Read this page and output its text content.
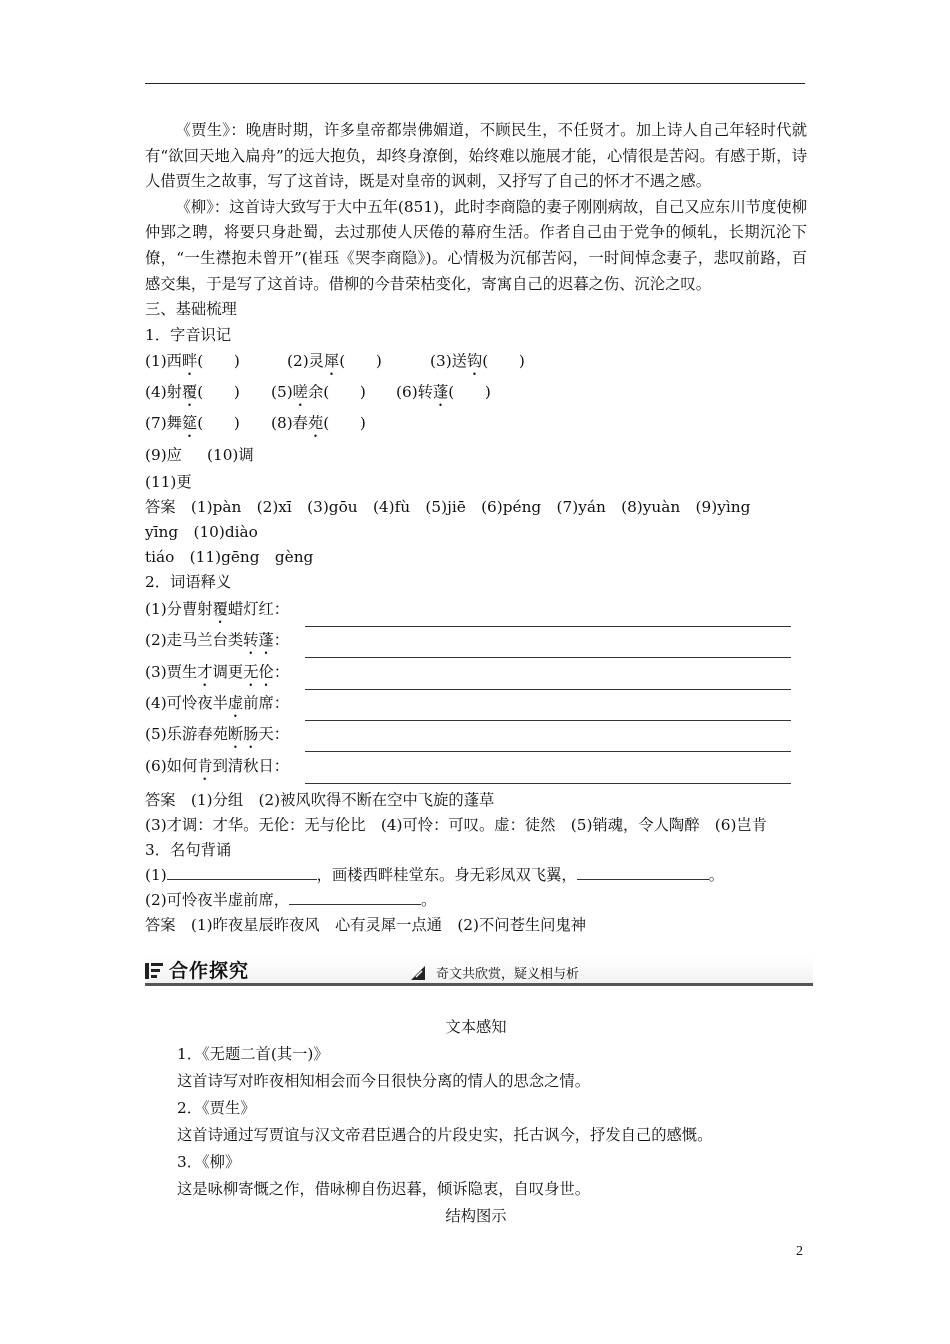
《贾生》：晚唐时期，许多皇帝都崇佛媚道，不顾民生，不任贤才。加上诗人自己年轻时代就有“欲回天地入扁舟”的远大抱负，却终身潦倒，始终难以施展才能，心情很是苦闷。有感于斯，诗人借贾生之故事，写了这首诗，既是对皇帝的讽刺，又抒写了自己的怀才不遇之感。

《柳》：这首诗大致写于大中五年(851)，此时李商隐的妻子刚刚病故，自己又应东川节度使柳仲郢之聘，将要只身赴蜀，去过那使人厌倦的幕府生活。作者自己由于党争的倾轧，长期沉沦下僚，“一生襟抱未曾开”(崔珏《哭李商隐》)。心情极为沉郁苦闷，一时间悼念妻子，悲叹前路，百感交集，于是写了这首诗。借柳的今昔荣枯变化，寄寓自己的迟暮之伤、沉沦之叹。

三、基础梳理

1．字音识记

(1)西畔(　　)	(2)灵犀(　　)	(3)送钩(　　)
(4)射覆(　　)	(5)嗟余(　　)	(6)转蓬(　　)
(7)舞筵(　　)	(8)春苑(　　)
(9)应	(10)调

(11)更

答案　(1)pàn　(2)xī　(3)gōu　(4)fù　(5)jiē　(6)péng　(7)yán　(8)yuàn　(9)yìng

yīng　(10)diào

tiáo　(11)gēng　gèng

2．词语释义

(1)分曹射覆蜡灯红：
(2)走马兰台类转蓬：
(3)贾生才调更无伦：
(4)可怜夜半虚前席：
(5)乐游春苑断肠天：
(6)如何肯到清秋日：

答案　(1)分组　(2)被风吹得不断在空中飞旋的蓬草

(3)才调：才华。无伦：无与伦比　(4)可怜：可叹。虚：徒然　(5)销魂，令人陶醉　(6)岂肯

3．名句背诵

(1)	，画楼西畔桂堂东。身无彩凤双飞翼，	。

(2)可怜夜半虚前席，	。

答案　(1)昨夜星辰昨夜风　心有灵犀一点通　(2)不问苍生问鬼神

合作探究	奇文共欣赏，疑义相与析

文本感知

1．《无题二首(其一)》

这首诗写对昨夜相知相会而今日很快分离的情人的思念之情。

2．《贾生》

这首诗通过写贾谊与汉文帝君臣遇合的片段史实，托古讽今，抒发自己的感慨。

3．《柳》

这是咏柳寄慨之作，借咏柳自伤迟暮，倾诉隐衷，自叹身世。

结构图示

2
